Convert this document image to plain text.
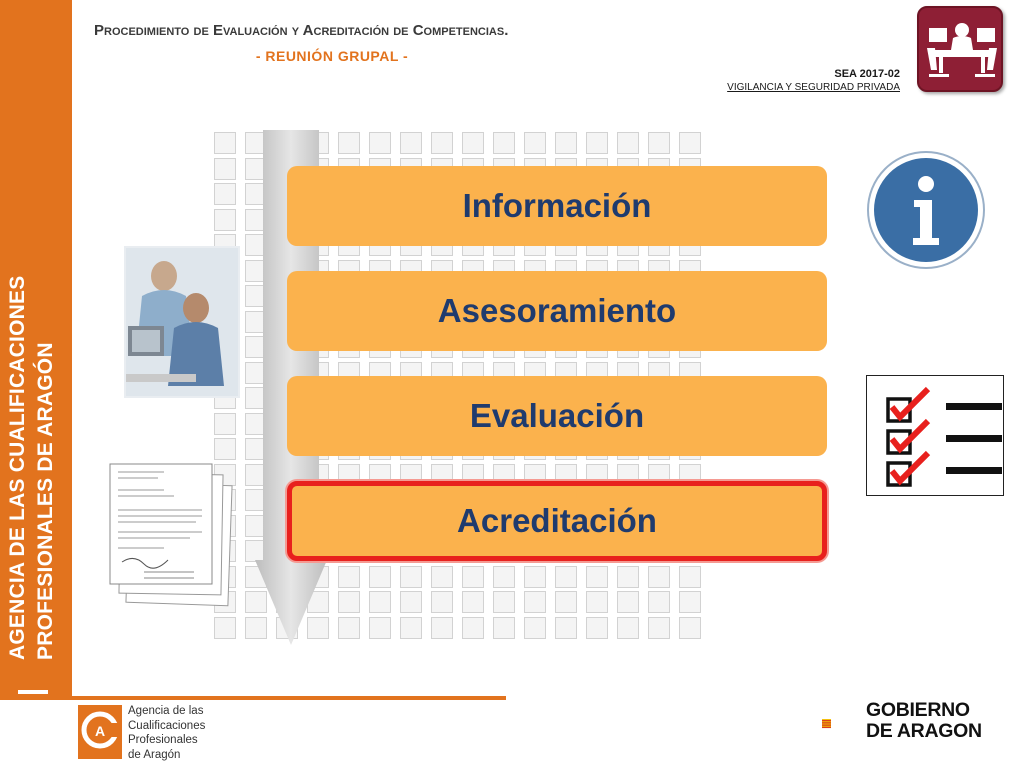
AGENCIA DE LAS CUALIFICACIONES PROFESIONALES DE ARAGÓN
Procedimiento de Evaluación y Acreditación de Competencias.
- REUNIÓN GRUPAL -
SEA 2017-02
VIGILANCIA Y SEGURIDAD PRIVADA
Información
Asesoramiento
Evaluación
Acreditación
A
Agencia de las
Cualificaciones
Profesionales
de Aragón
GOBIERNO
DE ARAGON
